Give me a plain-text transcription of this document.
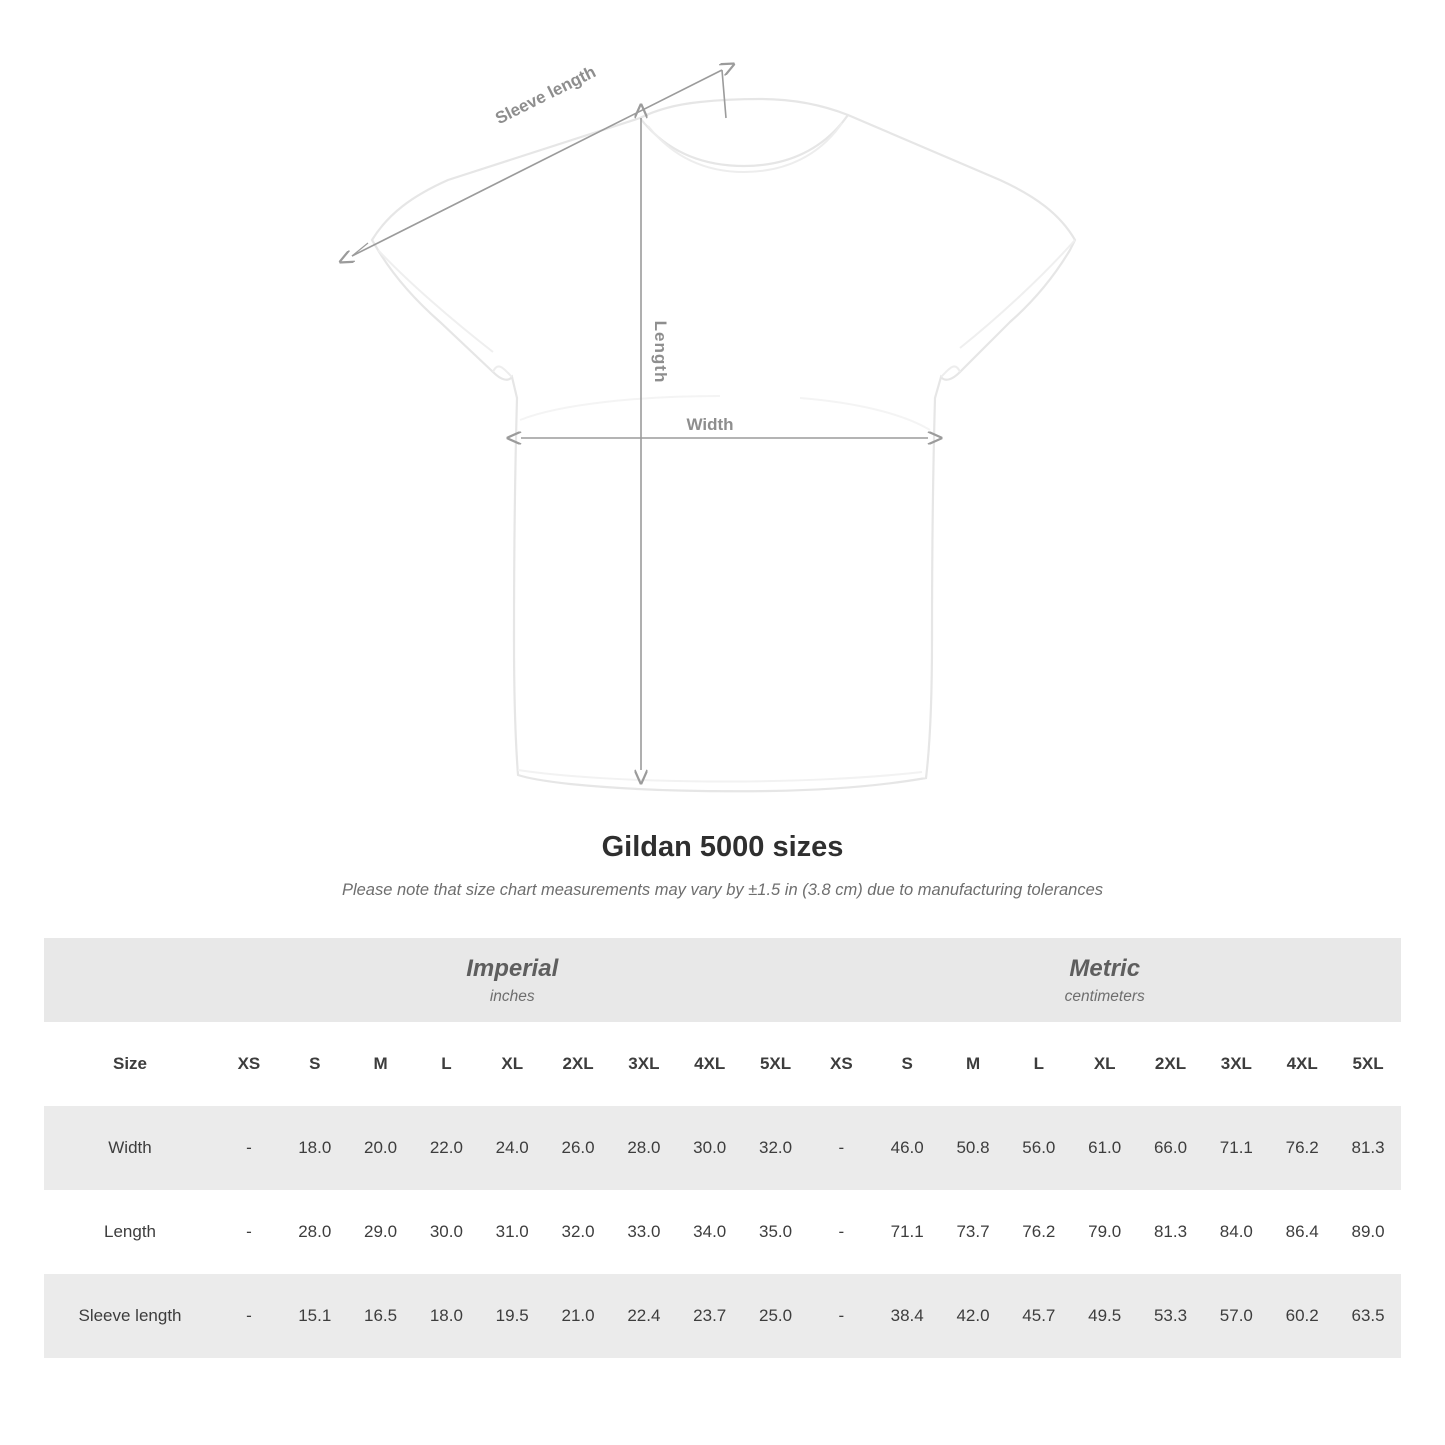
Length
Width
Sleeve length
Gildan 5000 sizes
Please note that size chart measurements may vary by ±1.5 in (3.8 cm) due to manufacturing tolerances

Imperial
inches

Metric
centimeters

Size	XS	S	M	L	XL	2XL	3XL	4XL	5XL	XS	S	M	L	XL	2XL	3XL	4XL	5XL
Width	-	18.0	20.0	22.0	24.0	26.0	28.0	30.0	32.0	-	46.0	50.8	56.0	61.0	66.0	71.1	76.2	81.3
Length	-	28.0	29.0	30.0	31.0	32.0	33.0	34.0	35.0	-	71.1	73.7	76.2	79.0	81.3	84.0	86.4	89.0
Sleeve length	-	15.1	16.5	18.0	19.5	21.0	22.4	23.7	25.0	-	38.4	42.0	45.7	49.5	53.3	57.0	60.2	63.5
